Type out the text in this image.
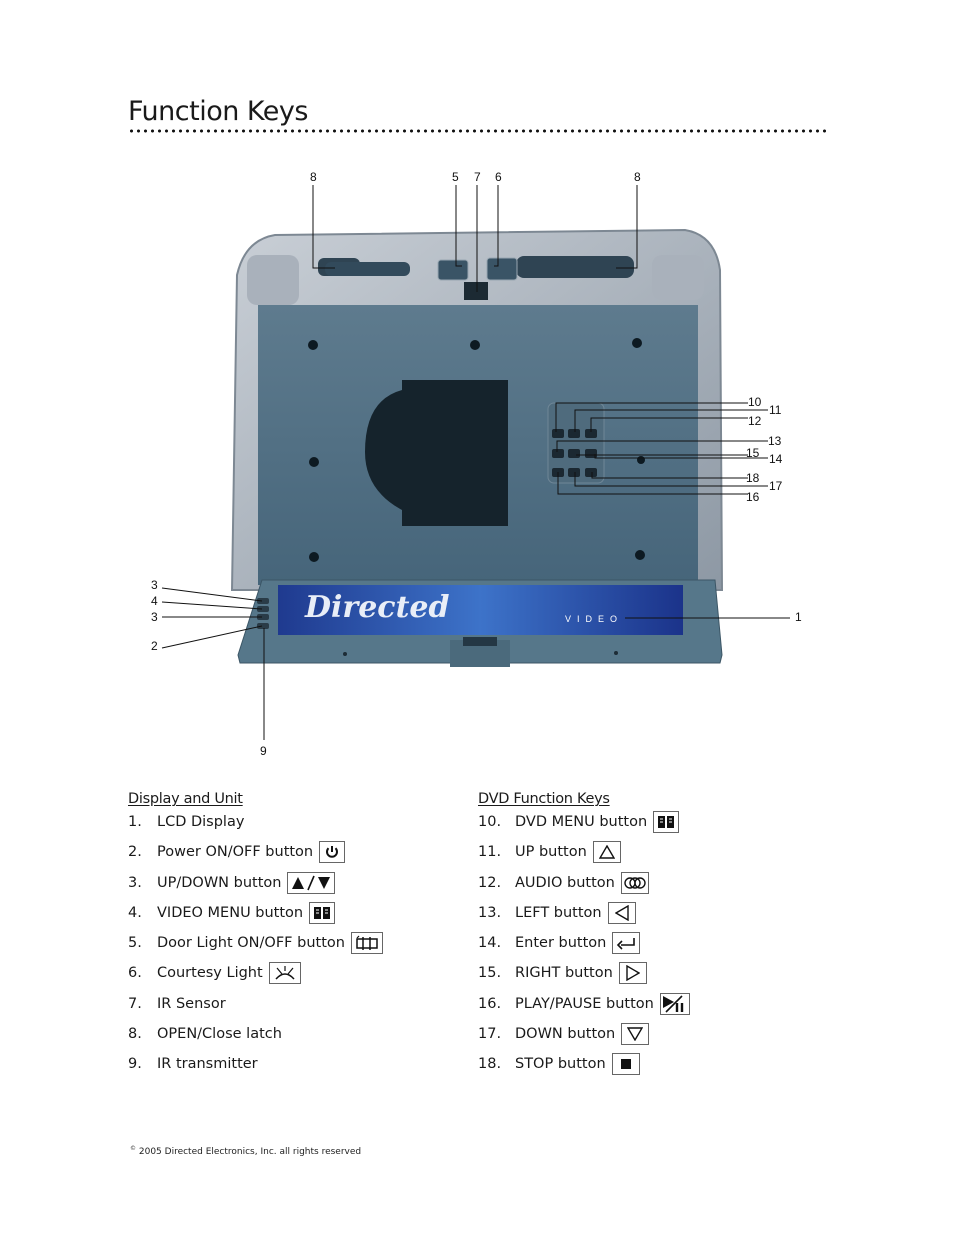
Function Keys
Directed	VIDEO
8	5 7 6	8
10
11
12
13
15 14
18
17
16
3
4
3
2
1
9
Display and Unit
1.	LCD Display
2.	Power ON/OFF button
3.	UP/DOWN button
4.	VIDEO MENU button
5.	Door Light ON/OFF button
6.	Courtesy Light
7.	IR Sensor
8.	OPEN/Close latch
9.	IR transmitter
DVD Function Keys
10. DVD MENU button
11. UP button
12. AUDIO button
13. LEFT button
14. Enter button
15. RIGHT button
16. PLAY/PAUSE button
17. DOWN button
18. STOP button
© 2005 Directed Electronics, Inc. all rights reserved
